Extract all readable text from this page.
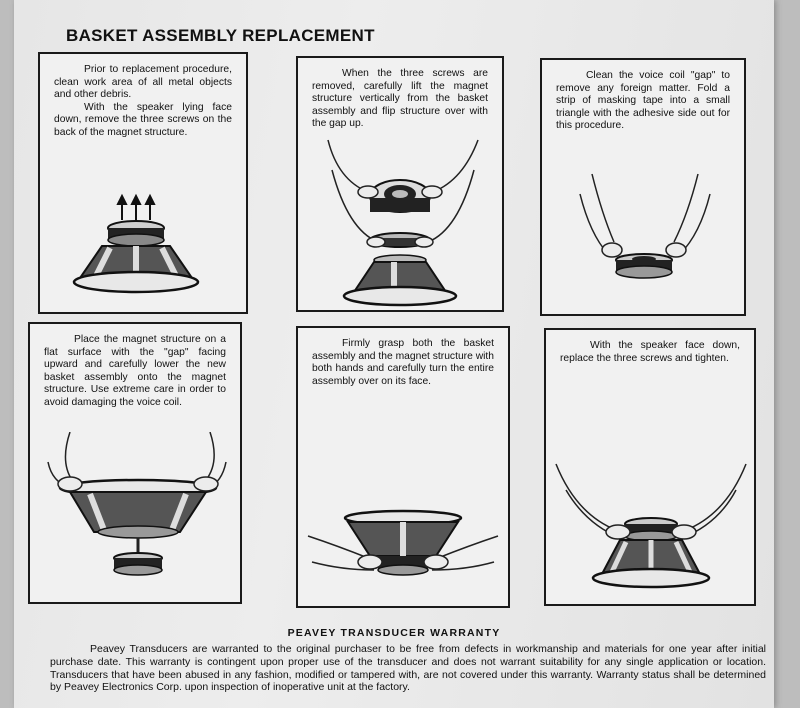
BASKET ASSEMBLY REPLACEMENT

Prior to replacement procedure, clean work area of all metal objects and other debris.

With the speaker lying face down, remove the three screws on the back of the magnet structure.

When the three screws are removed, carefully lift the magnet structure vertically from the basket assembly and flip structure over with the gap up.

Clean the voice coil "gap" to remove any foreign matter. Fold a strip of masking tape into a small triangle with the adhesive side out for this procedure.

Place the magnet structure on a flat surface with the "gap" facing upward and carefully lower the new basket assembly onto the magnet structure. Use extreme care in order to avoid damaging the voice coil.

Firmly grasp both the basket assembly and the magnet structure with both hands and carefully turn the entire assembly over on its face.

With the speaker face down, replace the three screws and tighten.

PEAVEY TRANSDUCER WARRANTY
Peavey Transducers are warranted to the original purchaser to be free from defects in workmanship and materials for one year after initial purchase date. This warranty is contingent upon proper use of the transducer and does not warrant suitability for any single application or location. Transducers that have been abused in any fashion, modified or tampered with, are not covered under this warranty. Warranty status shall be determined by Peavey Electronics Corp. upon inspection of inoperative unit at the factory.
